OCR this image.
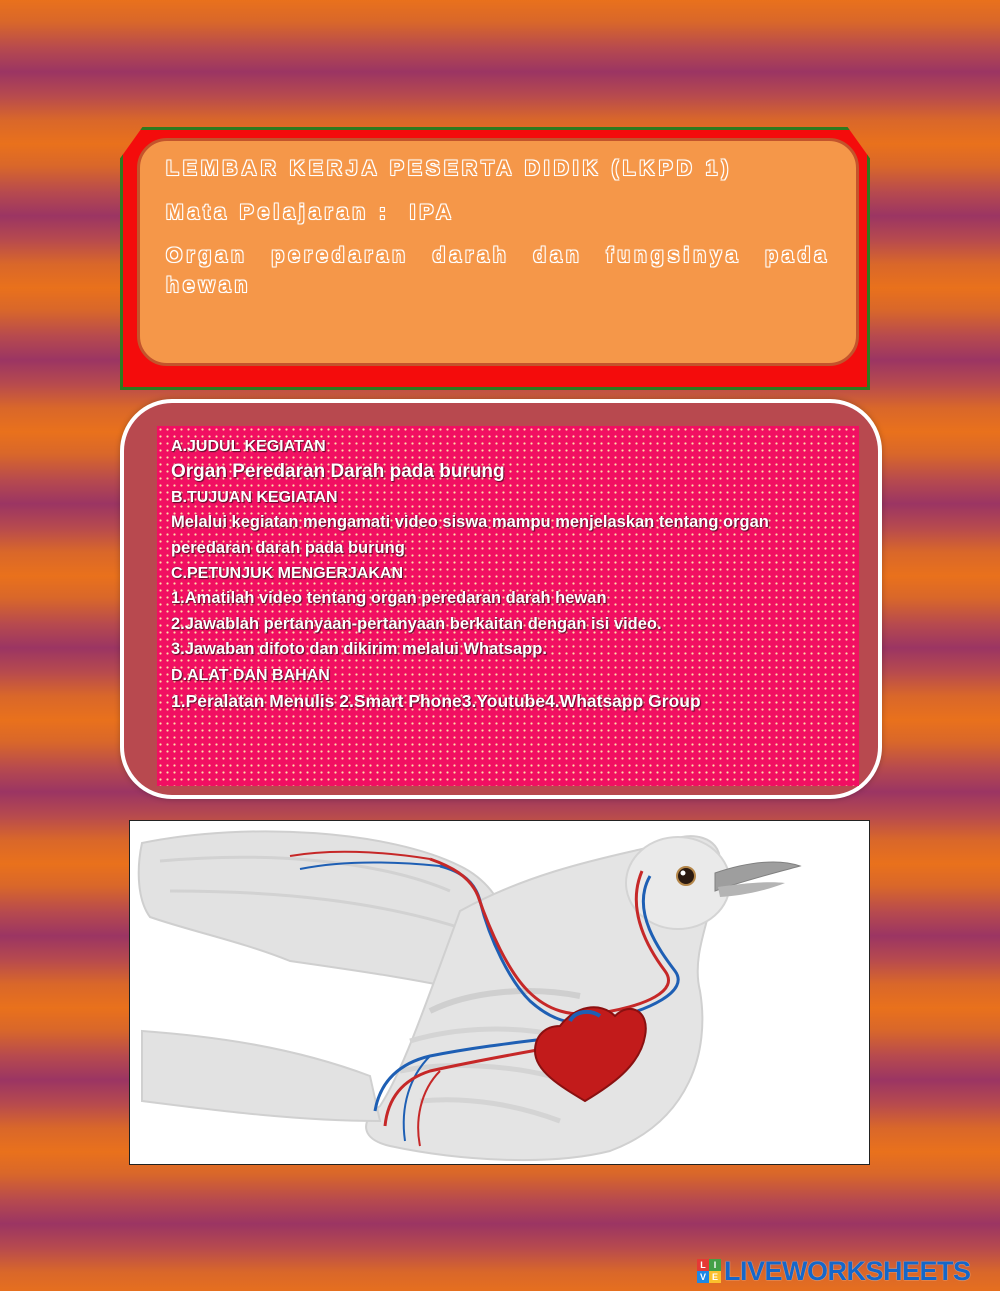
LEMBAR KERJA PESERTA DIDIK (LKPD 1)

Mata Pelajaran :  IPA

Organ peredaran darah dan fungsinya pada hewan

A.JUDUL KEGIATAN

Organ Peredaran Darah pada burung

B.TUJUAN KEGIATAN

Melalui kegiatan mengamati video siswa mampu menjelaskan tentang organ peredaran darah pada burung

C.PETUNJUK MENGERJAKAN

1.Amatilah video tentang organ peredaran darah hewan

2.Jawablah pertanyaan-pertanyaan berkaitan dengan isi video.

3.Jawaban difoto dan dikirim melalui Whatsapp.

D.ALAT DAN BAHAN

1.Peralatan Menulis 2.Smart Phone3.Youtube4.Whatsapp Group

L I
V E LIVEWORKSHEETS
